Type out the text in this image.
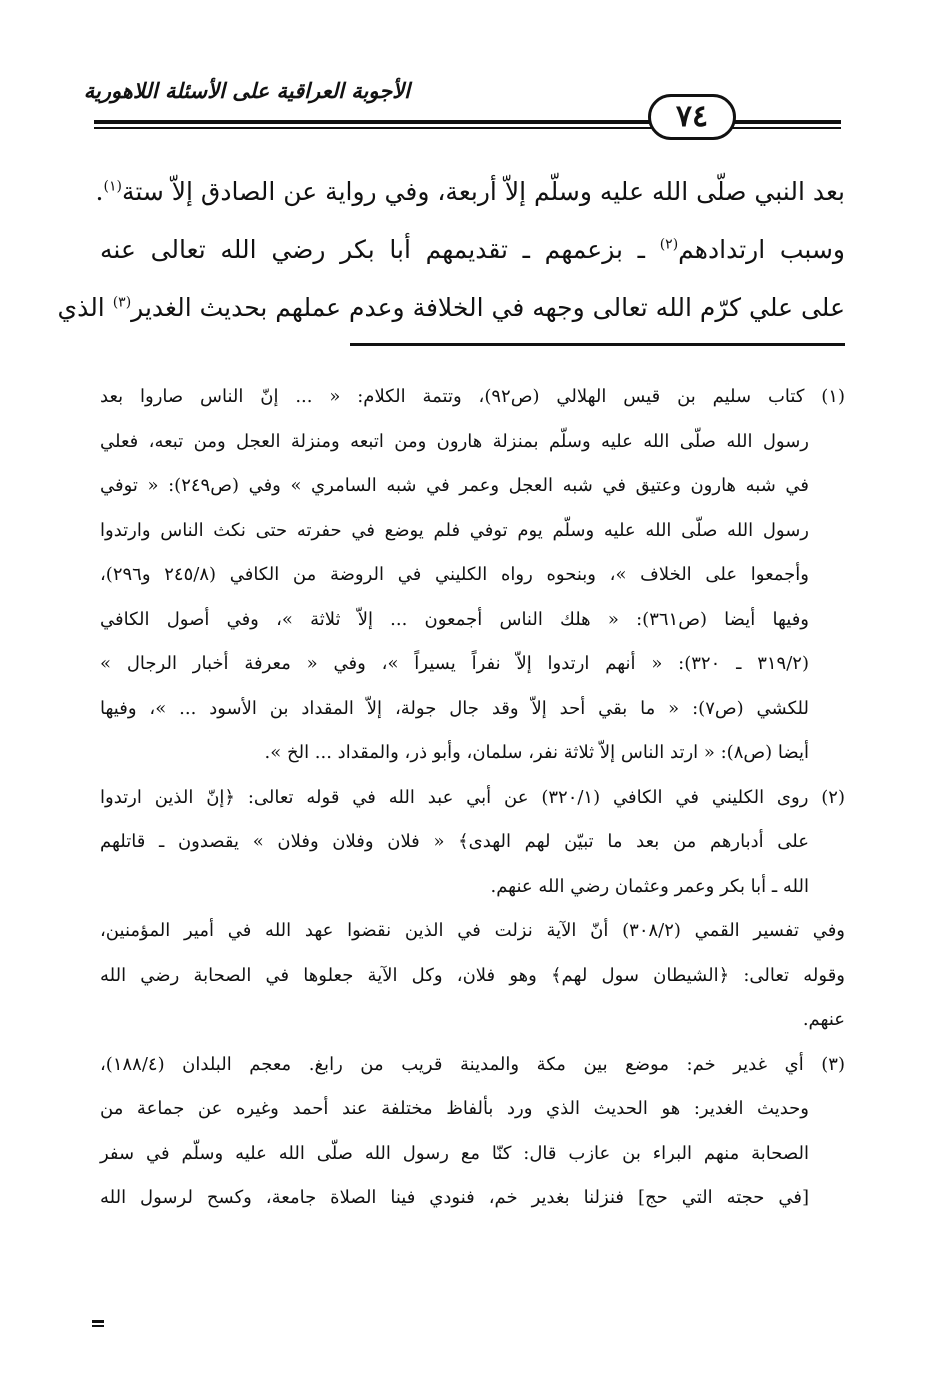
الأجوبة العراقية على الأسئلة اللاهورية
٧٤
بعد النبي صلّى الله عليه وسلّم إلاّ أربعة، وفي رواية عن الصادق إلاّ ستة$^{(١)}$.
وسبب ارتدادهم$^{(٢)}$ ـ بزعمهم ـ تقديمهم أبا بكر رضي الله تعالى عنه
على علي كرّم الله تعالى وجهه في الخلافة وعدم عملهم بحديث الغدير$^{(٣)}$ الذي
(١) كتاب سليم بن قيس الهلالي (ص٩٢)، وتتمة الكلام: « ... إنّ الناس صاروا بعد
رسول الله صلّى الله عليه وسلّم بمنزلة هارون ومن اتبعه ومنزلة العجل ومن تبعه، فعلي
في شبه هارون وعتيق في شبه العجل وعمر في شبه السامري » وفي (ص٢٤٩): « توفي
رسول الله صلّى الله عليه وسلّم يوم توفي فلم يوضع في حفرته حتى نكث الناس وارتدوا
وأجمعوا على الخلاف »، وبنحوه رواه الكليني في الروضة من الكافي (٢٤٥/٨ و٢٩٦)،
وفيها أيضا (ص٣٦١): « هلك الناس أجمعون ... إلاّ ثلاثة »، وفي أصول الكافي
(٣١٩/٢ ـ ٣٢٠): « أنهم ارتدوا إلاّ نفراً يسيراً »، وفي « معرفة أخبار الرجال »
للكشي (ص٧): « ما بقي أحد إلاّ وقد جال جولة، إلاّ المقداد بن الأسود ... »، وفيها
أيضا (ص٨): « ارتد الناس إلاّ ثلاثة نفر، سلمان، وأبو ذر، والمقداد ... الخ ».
(٢) روى الكليني في الكافي (٣٢٠/١) عن أبي عبد الله في قوله تعالى: ﴿إنّ الذين ارتدوا
على أدبارهم من بعد ما تبيّن لهم الهدى﴾ « فلان وفلان وفلان » يقصدون ـ قاتلهم
الله ـ أبا بكر وعمر وعثمان رضي الله عنهم.
وفي تفسير القمي (٣٠٨/٢) أنّ الآية نزلت في الذين نقضوا عهد الله في أمير المؤمنين،
وقوله تعالى: ﴿الشيطان سول لهم﴾ وهو فلان، وكل الآية جعلوها في الصحابة رضي الله
عنهم.
(٣) أي غدير خم: موضع بين مكة والمدينة قريب من رابغ. معجم البلدان (١٨٨/٤)،
وحديث الغدير: هو الحديث الذي ورد بألفاظ مختلفة عند أحمد وغيره عن جماعة من
الصحابة منهم البراء بن عازب قال: كنّا مع رسول الله صلّى الله عليه وسلّم في سفر
[في حجته التي حج] فنزلنا بغدير خم، فنودي فينا الصلاة جامعة، وكسح لرسول الله
